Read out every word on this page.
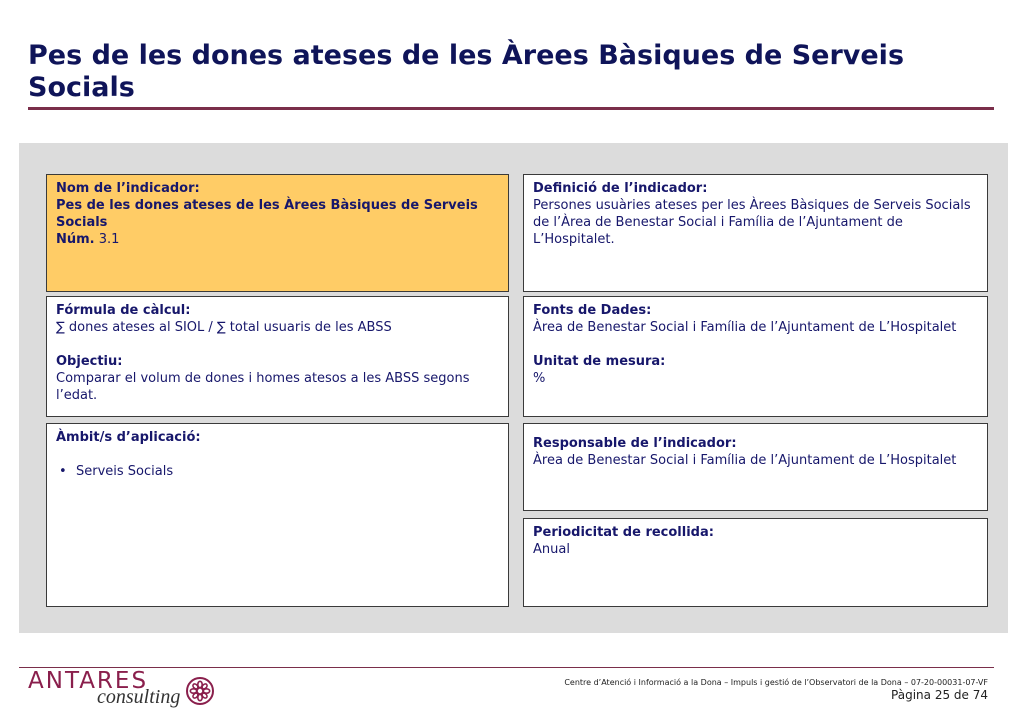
Pes de les dones ateses de les Àrees Bàsiques de Serveis Socials
Nom de l’indicador:
Pes de les dones ateses de les Àrees Bàsiques de Serveis Socials
Núm. 3.1
Definició de l’indicador:
Persones usuàries ateses per les Àrees Bàsiques de Serveis Socials de l’Àrea de Benestar Social i Família de l’Ajuntament de L’Hospitalet.
Fórmula de càlcul:
∑ dones ateses al SIOL / ∑ total usuaris de les ABSS
Objectiu:
Comparar el volum de dones i homes atesos a les ABSS segons l’edat.
Fonts de Dades:
Àrea de Benestar Social i Família de l’Ajuntament de L’Hospitalet
Unitat de mesura:
%
Àmbit/s d’aplicació:
• Serveis Socials
Responsable de l’indicador:
Àrea de Benestar Social i Família de l’Ajuntament de L’Hospitalet
Periodicitat de recollida:
Anual
ANTARES
consulting
Centre d’Atenció i Informació a la Dona – Impuls i gestió de l’Observatori de la Dona – 07-20-00031-07-VF
Pàgina 25 de 74
